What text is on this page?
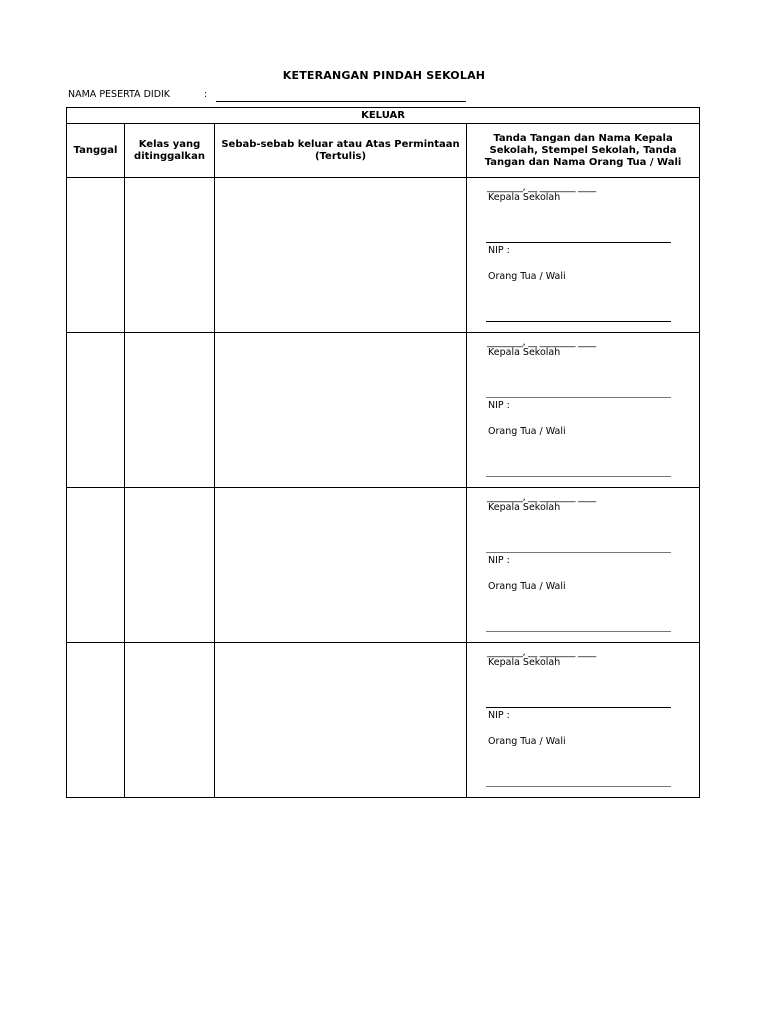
KETERANGAN PINDAH SEKOLAH
NAMA PESERTA DIDIK	:
KELUAR			
Tanggal	Kelas yang ditinggalkan	Sebab-sebab keluar atau Atas Permintaan (Tertulis)	Tanda Tangan dan Nama Kepala Sekolah, Stempel Sekolah, Tanda Tangan dan Nama Orang Tua / Wali

			________, __ ________ ____
Kepala Sekolah
NIP :
Orang Tua / Wali

			________, __ ________ ____
Kepala Sekolah
NIP :
Orang Tua / Wali

			________, __ ________ ____
Kepala Sekolah
NIP :
Orang Tua / Wali

			________, __ ________ ____
Kepala Sekolah
NIP :
Orang Tua / Wali
